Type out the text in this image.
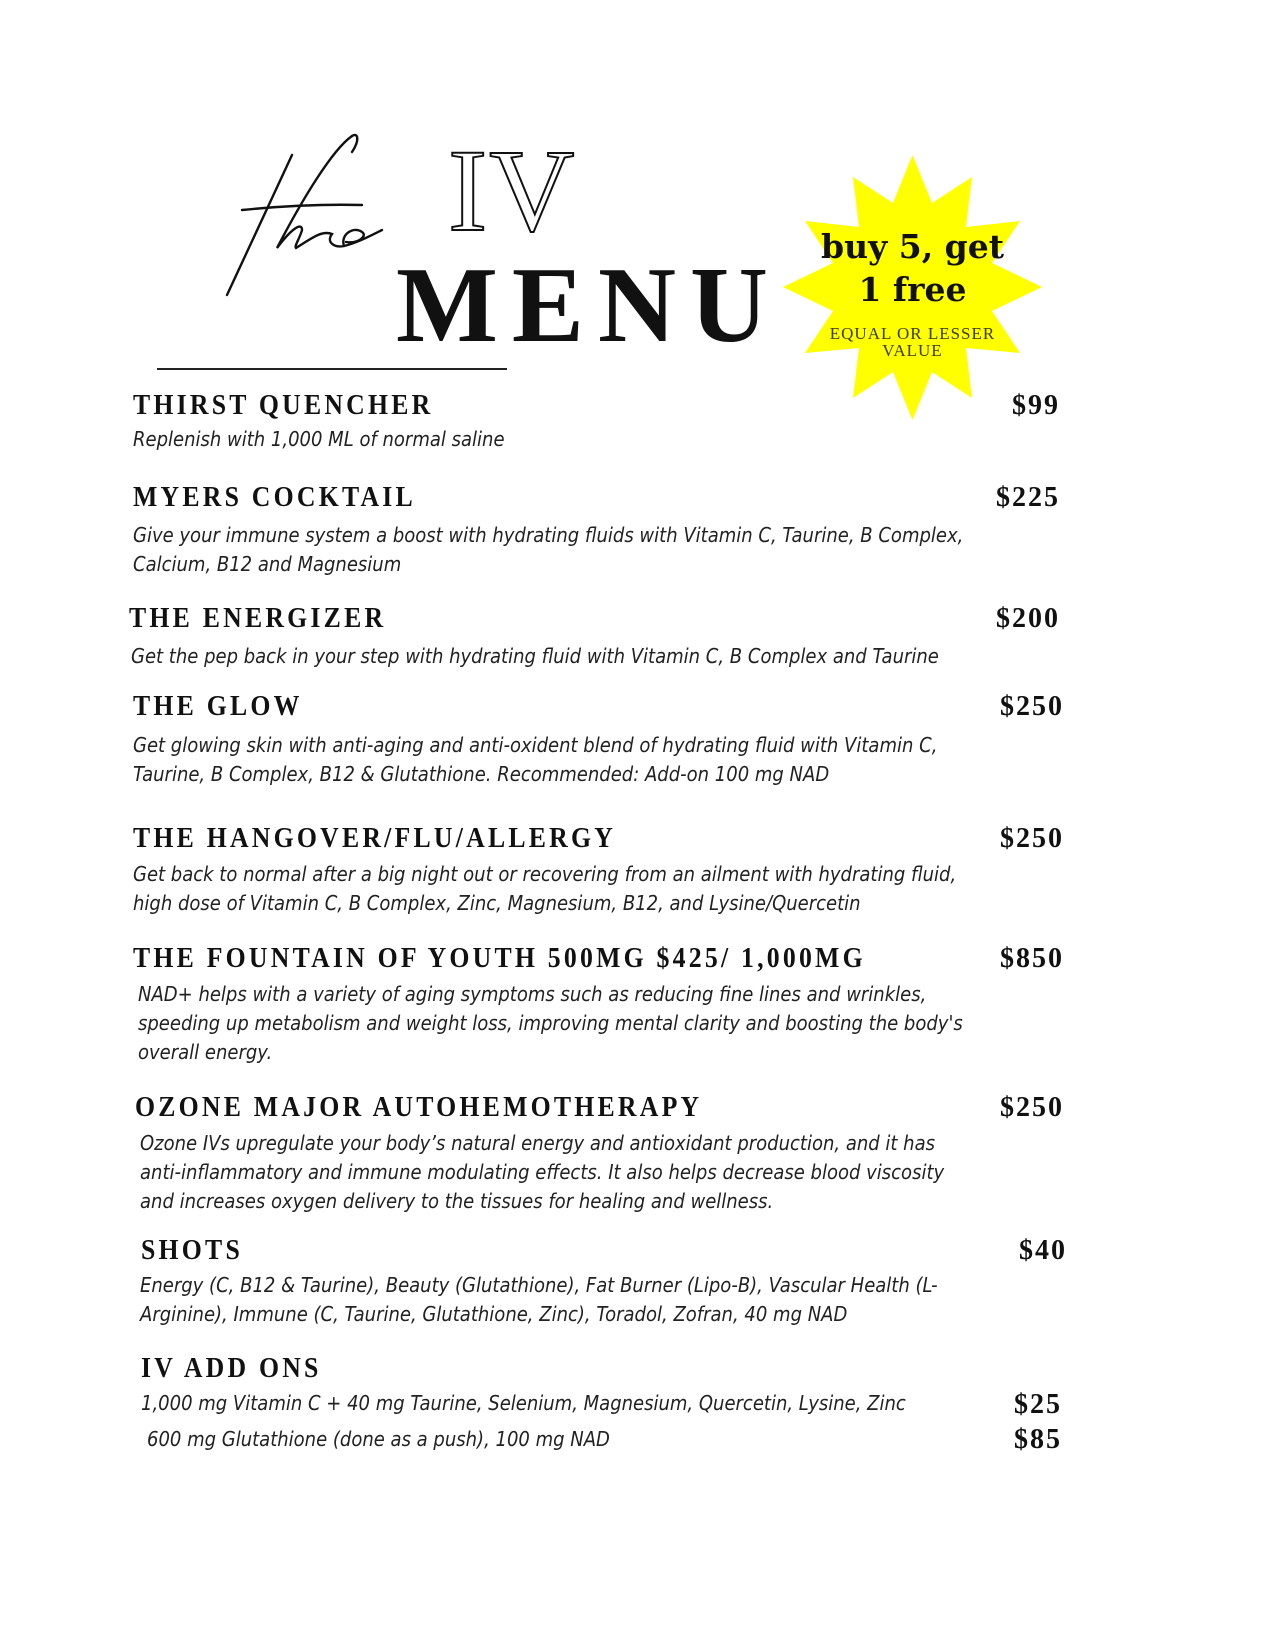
IV
MENU	buy 5, get
1 free
EQUAL OR LESSER
VALUE
THIRST QUENCHER	$99
Replenish with 1,000 ML of normal saline
MYERS COCKTAIL	$225
Give your immune system a boost with hydrating fluids with Vitamin C, Taurine, B Complex,
Calcium, B12 and Magnesium
THE ENERGIZER	$200
Get the pep back in your step with hydrating fluid with Vitamin C, B Complex and Taurine
THE GLOW	$250
Get glowing skin with anti-aging and anti-oxident blend of hydrating fluid with Vitamin C,
Taurine, B Complex, B12 & Glutathione. Recommended: Add-on 100 mg NAD
THE HANGOVER/FLU/ALLERGY	$250
Get back to normal after a big night out or recovering from an ailment with hydrating fluid,
high dose of Vitamin C, B Complex, Zinc, Magnesium, B12, and Lysine/Quercetin
THE FOUNTAIN OF YOUTH 500MG $425/ 1,000MG	$850
NAD+ helps with a variety of aging symptoms such as reducing fine lines and wrinkles,
speeding up metabolism and weight loss, improving mental clarity and boosting the body's
overall energy.
OZONE MAJOR AUTOHEMOTHERAPY	$250
Ozone IVs upregulate your body’s natural energy and antioxidant production, and it has
anti-inflammatory and immune modulating effects. It also helps decrease blood viscosity
and increases oxygen delivery to the tissues for healing and wellness.
SHOTS	$40
Energy (C, B12 & Taurine), Beauty (Glutathione), Fat Burner (Lipo-B), Vascular Health (L-
Arginine), Immune (C, Taurine, Glutathione, Zinc), Toradol, Zofran, 40 mg NAD
IV ADD ONS
1,000 mg Vitamin C + 40 mg Taurine, Selenium, Magnesium, Quercetin, Lysine, Zinc	$25
600 mg Glutathione (done as a push), 100 mg NAD	$85
